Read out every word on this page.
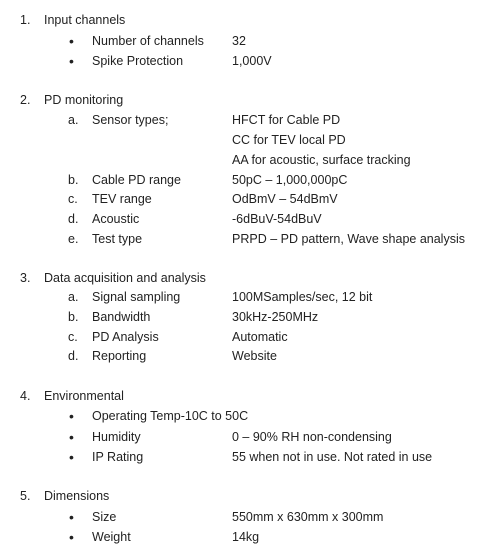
1. Input channels
• Number of channels 32
• Spike Protection	1,000V
2. PD monitoring
a. Sensor types;	HFCT for Cable PD
CC for TEV local PD
AA for acoustic, surface tracking
b. Cable PD range	50pC – 1,000,000pC
c. TEV range	OdBmV – 54dBmV
d. Acoustic	-6dBuV-54dBuV
e. Test type	PRPD – PD pattern, Wave shape analysis
3. Data acquisition and analysis
a. Signal sampling	100MSamples/sec, 12 bit
b. Bandwidth	30kHz-250MHz
c. PD Analysis	Automatic
d. Reporting	Website
4. Environmental
• Operating Temp-10C to 50C
• Humidity	0 – 90% RH non-condensing
• IP Rating	55 when not in use. Not rated in use
5. Dimensions
• Size	550mm x 630mm x 300mm
• Weight	14kg
